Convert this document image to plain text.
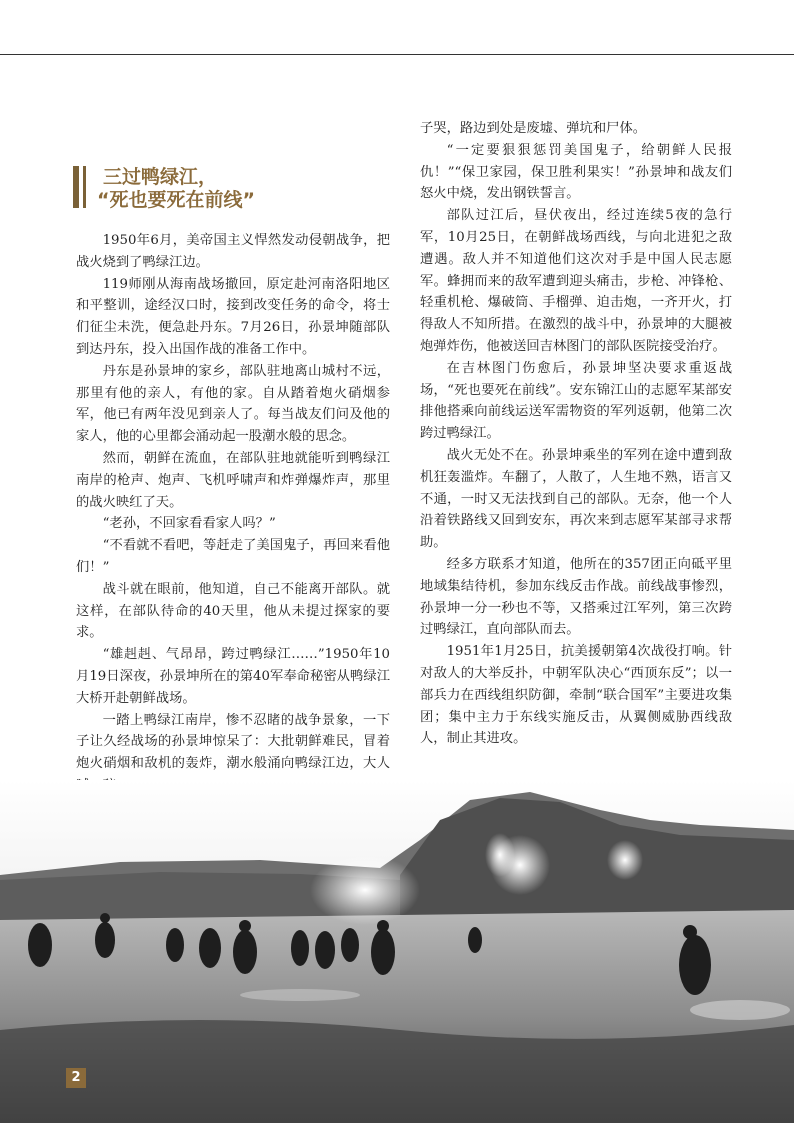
三过鸭绿江，
“死也要死在前线”

1950年6月，美帝国主义悍然发动侵朝战争，把战火烧到了鸭绿江边。

119师刚从海南战场撤回，原定赴河南洛阳地区和平整训，途经汉口时，接到改变任务的命令，将士们征尘未洗，便急赴丹东。7月26日，孙景坤随部队到达丹东，投入出国作战的准备工作中。

丹东是孙景坤的家乡，部队驻地离山城村不远，那里有他的亲人，有他的家。自从踏着炮火硝烟参军，他已有两年没见到亲人了。每当战友们问及他的家人，他的心里都会涌动起一股潮水般的思念。

然而，朝鲜在流血，在部队驻地就能听到鸭绿江南岸的枪声、炮声、飞机呼啸声和炸弹爆炸声，那里的战火映红了天。

“老孙，不回家看看家人吗？”

“不看就不看吧，等赶走了美国鬼子，再回来看他们！”

战斗就在眼前，他知道，自己不能离开部队。就这样，在部队待命的40天里，他从未提过探家的要求。

“雄赳赳、气昂昂，跨过鸭绿江……”1950年10月19日深夜，孙景坤所在的第40军奉命秘密从鸭绿江大桥开赴朝鲜战场。

一踏上鸭绿江南岸，惨不忍睹的战争景象，一下子让久经战场的孙景坤惊呆了：大批朝鲜难民，冒着炮火硝烟和敌机的轰炸，潮水般涌向鸭绿江边，大人

子哭，路边到处是废墟、弹坑和尸体。

“一定要狠狠惩罚美国鬼子，给朝鲜人民报仇！”“保卫家园，保卫胜利果实！”孙景坤和战友们怒火中烧，发出钢铁誓言。

部队过江后，昼伏夜出，经过连续5夜的急行军，10月25日，在朝鲜战场西线，与向北进犯之敌遭遇。敌人并不知道他们这次对手是中国人民志愿军。蜂拥而来的敌军遭到迎头痛击，步枪、冲锋枪、轻重机枪、爆破筒、手榴弹、迫击炮，一齐开火，打得敌人不知所措。在激烈的战斗中，孙景坤的大腿被炮弹炸伤，他被送回吉林图门的部队医院接受治疗。

在吉林图门伤愈后，孙景坤坚决要求重返战场，“死也要死在前线”。安东锦江山的志愿军某部安排他搭乘向前线运送军需物资的军列返朝，他第二次跨过鸭绿江。

战火无处不在。孙景坤乘坐的军列在途中遭到敌机狂轰滥炸。车翻了，人散了，人生地不熟，语言又不通，一时又无法找到自己的部队。无奈，他一个人沿着铁路线又回到安东，再次来到志愿军某部寻求帮助。

经多方联系才知道，他所在的357团正向砥平里地域集结待机，参加东线反击作战。前线战事惨烈，孙景坤一分一秒也不等，又搭乘过江军列，第三次跨过鸭绿江，直向部队而去。

1951年1月25日，抗美援朝第4次战役打响。针对敌人的大举反扑，中朝军队决心“西顶东反”；以一部兵力在西线组织防御，牵制“联合国军”主要进攻集团；集中主力于东线实施反击，从翼侧威胁西线敌人，制止其进攻。

2
